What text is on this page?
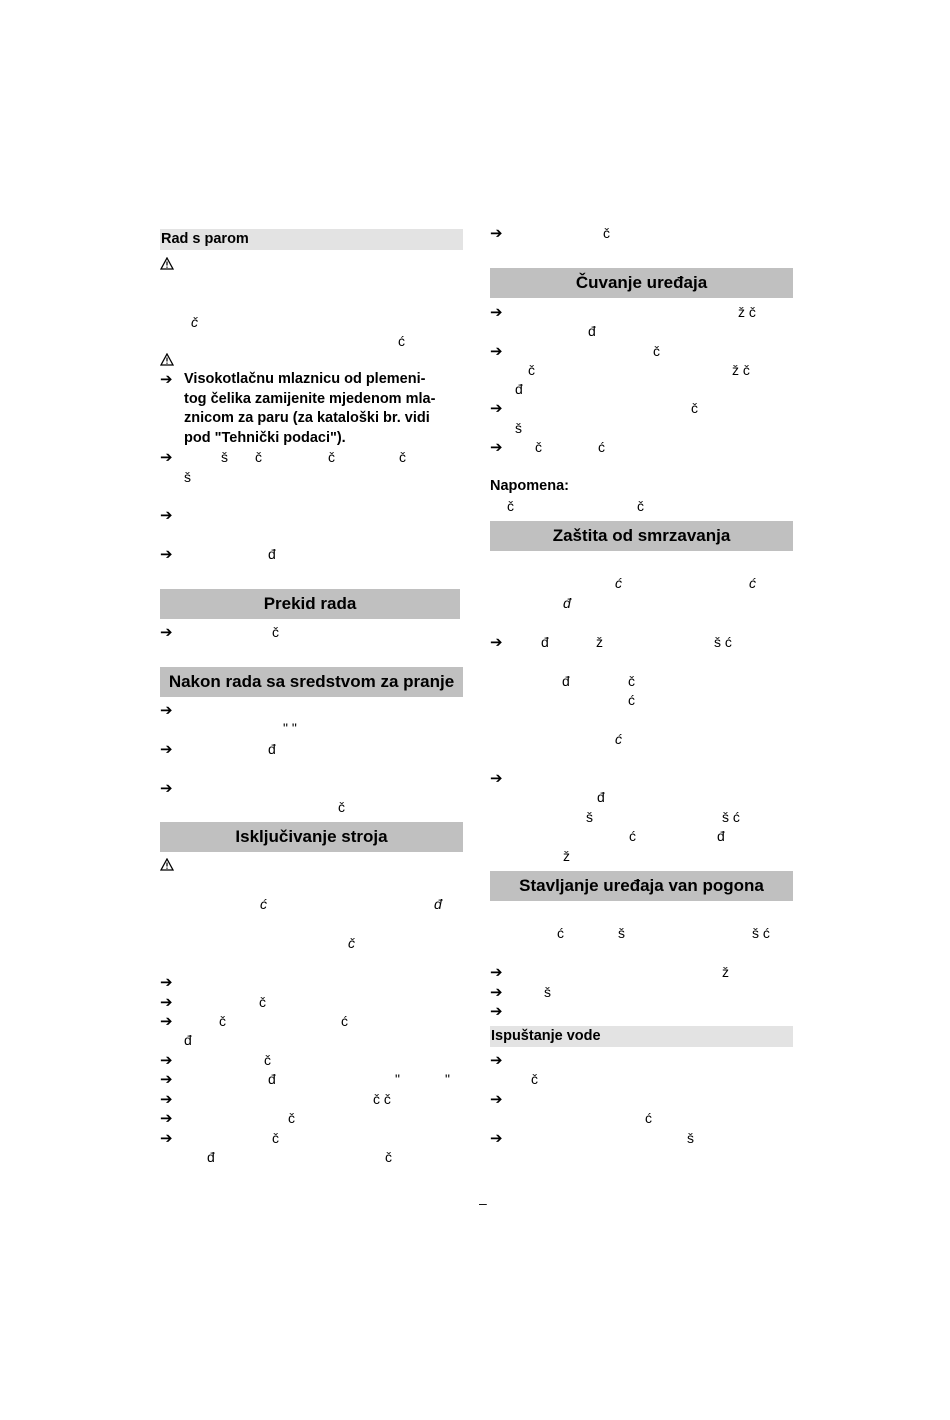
Rad s parom
č
ć
➔ Visokotlačnu mlaznicu od plemeni-
tog čelika zamijenite mjedenom mla-
znicom za paru (za kataloški br. vidi
pod "Tehnički podaci").
➔	š č	č	č
š
➔
➔	đ
Prekid rada
➔	č
Nakon rada sa sredstvom za pranje
➔
" "
➔	đ
➔
č
Isključivanje stroja
ć	đ
č
➔
➔	č
➔	č	ć
đ
➔	č
➔	đ	"	"
➔	č č
➔	č
➔	č
đ	č
➔	č
Čuvanje uređaja
➔	ž č
đ
➔	č
č	ž č
đ
➔	č
š
➔ č	ć
Napomena:
č	č
Zaštita od smrzavanja
ć	ć
đ
➔	đ	ž	š ć
đ	č
ć
ć
➔
đ
š	š ć
ć	đ
ž
Stavljanje uređaja van pogona
ć	š	š ć
➔	ž
➔	š
➔
Ispuštanje vode
➔
č
➔
ć
➔	š
–
